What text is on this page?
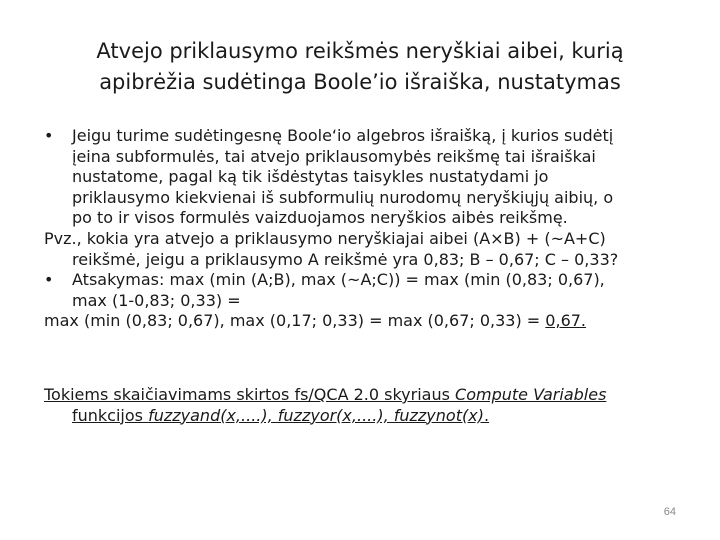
Atvejo priklausymo reikšmės neryškiai aibei, kurią
apibrėžia sudėtinga Boole’io išraiška, nustatymas
• Jeigu turime sudėtingesnę Boole‘io algebros išraišką, į kurios sudėtį
įeina subformulės, tai atvejo priklausomybės reikšmę tai išraiškai
nustatome, pagal ką tik išdėstytas taisykles nustatydami jo
priklausymo kiekvienai iš subformulių nurodomų neryškiųjų aibių, o
po to ir visos formulės vaizduojamos neryškios aibės reikšmę.
Pvz., kokia yra atvejo a priklausymo neryškiajai aibei (A×B) + (~A+C)
reikšmė, jeigu a priklausymo A reikšmė yra 0,83; B – 0,67; C – 0,33?
• Atsakymas: max (min (A;B), max (~A;C)) = max (min (0,83; 0,67),
max (1-0,83; 0,33) =
max (min (0,83; 0,67), max (0,17; 0,33) = max (0,67; 0,33) = 0,67.
Tokiems skaičiavimams skirtos fs/QCA 2.0 skyriaus Compute Variables
funkcijos fuzzyand(x,....), fuzzyor(x,....), fuzzynot(x).
64
